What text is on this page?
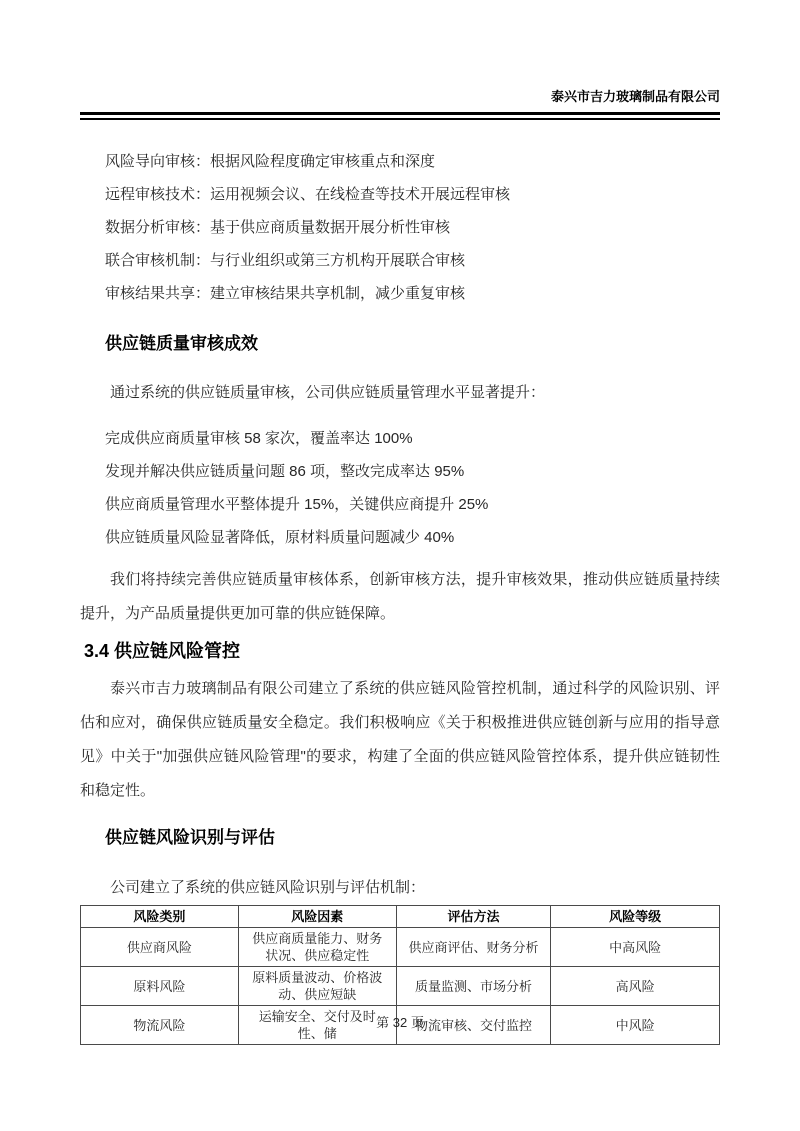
泰兴市吉力玻璃制品有限公司

风险导向审核：根据风险程度确定审核重点和深度

远程审核技术：运用视频会议、在线检查等技术开展远程审核

数据分析审核：基于供应商质量数据开展分析性审核

联合审核机制：与行业组织或第三方机构开展联合审核

审核结果共享：建立审核结果共享机制，减少重复审核

供应链质量审核成效

通过系统的供应链质量审核，公司供应链质量管理水平显著提升：

完成供应商质量审核 58 家次，覆盖率达 100%

发现并解决供应链质量问题 86 项，整改完成率达 95%

供应商质量管理水平整体提升 15%，关键供应商提升 25%

供应链质量风险显著降低，原材料质量问题减少 40%

我们将持续完善供应链质量审核体系，创新审核方法，提升审核效果，推动供应链质量持续提升，为产品质量提供更加可靠的供应链保障。

3.4 供应链风险管控

泰兴市吉力玻璃制品有限公司建立了系统的供应链风险管控机制，通过科学的风险识别、评估和应对，确保供应链质量安全稳定。我们积极响应《关于积极推进供应链创新与应用的指导意见》中关于"加强供应链风险管理"的要求，构建了全面的供应链风险管控体系，提升供应链韧性和稳定性。

供应链风险识别与评估

公司建立了系统的供应链风险识别与评估机制：

风险类别	风险因素	评估方法	风险等级
供应商风险	供应商质量能力、财务状况、供应稳定性	供应商评估、财务分析	中高风险
原料风险	原料质量波动、价格波动、供应短缺	质量监测、市场分析	高风险
物流风险	运输安全、交付及时性、储	物流审核、交付监控	中风险
第 32 页
